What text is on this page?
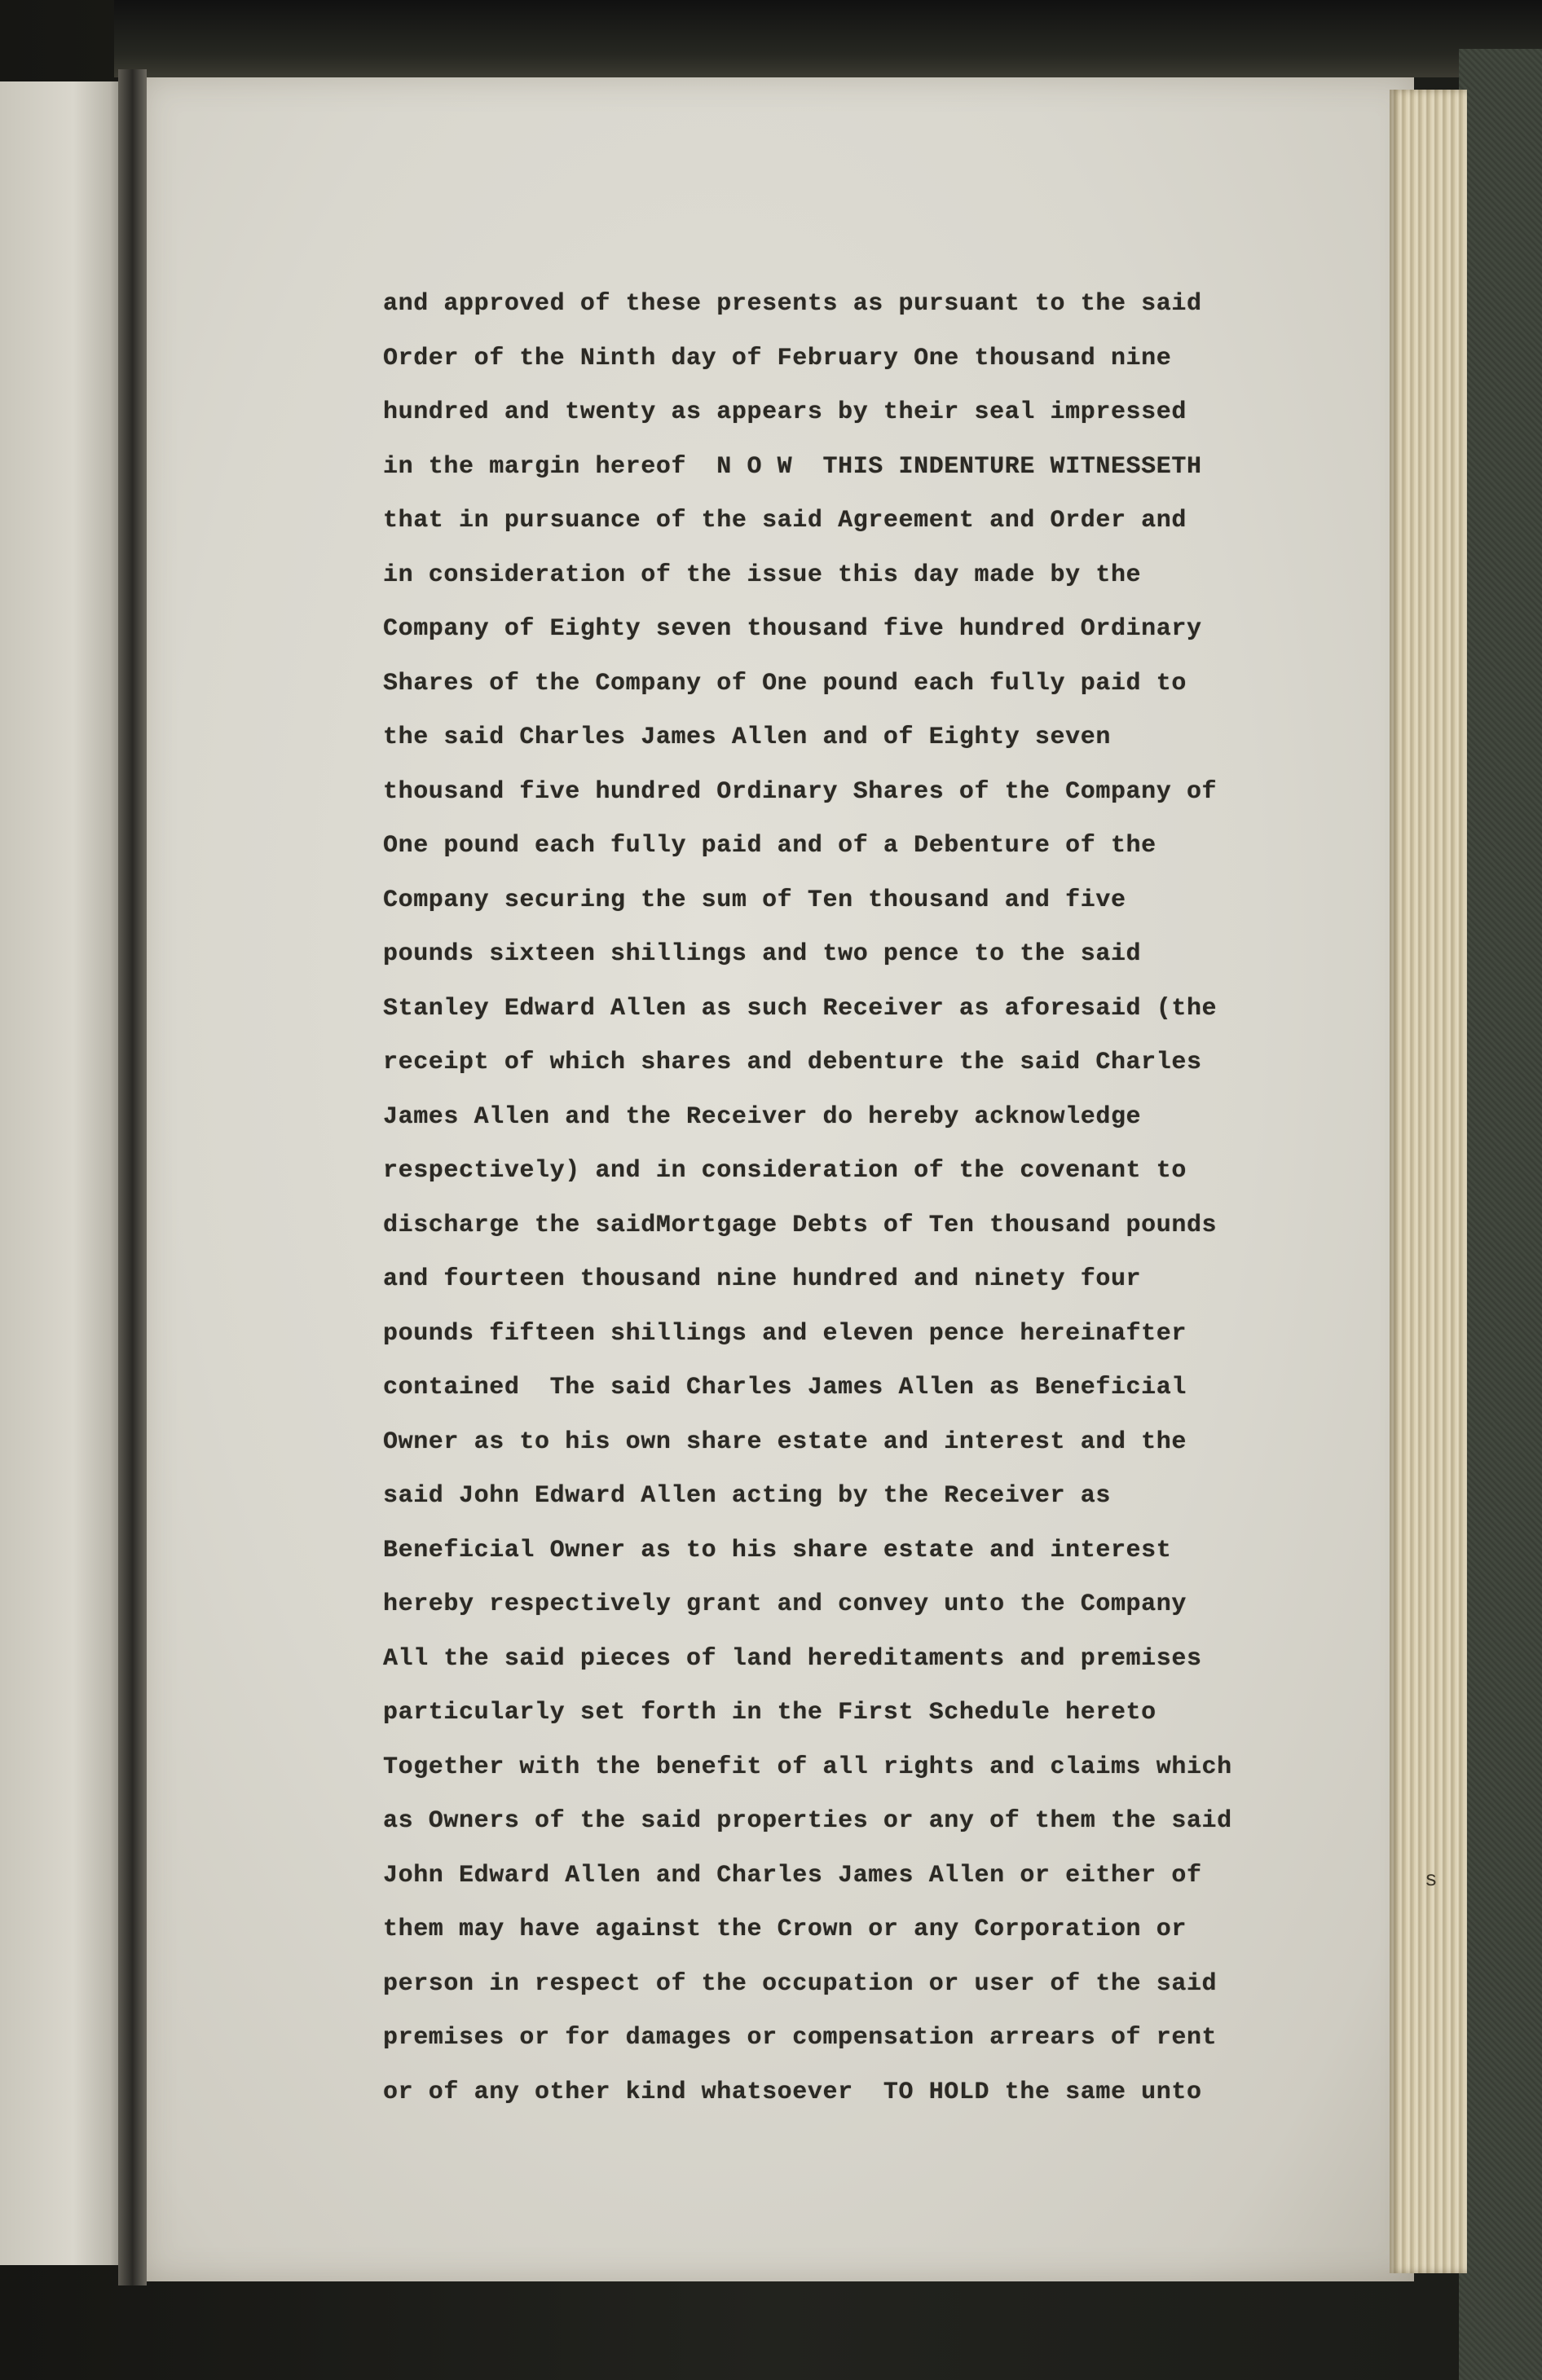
s
and approved of these presents as pursuant to the said
Order of the Ninth day of February One thousand nine
hundred and twenty as appears by their seal impressed
in the margin hereof  N O W  THIS INDENTURE WITNESSETH
that in pursuance of the said Agreement and Order and
in consideration of the issue this day made by the
Company of Eighty seven thousand five hundred Ordinary
Shares of the Company of One pound each fully paid to
the said Charles James Allen and of Eighty seven
thousand five hundred Ordinary Shares of the Company of
One pound each fully paid and of a Debenture of the
Company securing the sum of Ten thousand and five
pounds sixteen shillings and two pence to the said
Stanley Edward Allen as such Receiver as aforesaid (the
receipt of which shares and debenture the said Charles
James Allen and the Receiver do hereby acknowledge
respectively) and in consideration of the covenant to
discharge the saidMortgage Debts of Ten thousand pounds
and fourteen thousand nine hundred and ninety four
pounds fifteen shillings and eleven pence hereinafter
contained  The said Charles James Allen as Beneficial
Owner as to his own share estate and interest and the
said John Edward Allen acting by the Receiver as
Beneficial Owner as to his share estate and interest
hereby respectively grant and convey unto the Company
All the said pieces of land hereditaments and premises
particularly set forth in the First Schedule hereto
Together with the benefit of all rights and claims which
as Owners of the said properties or any of them the said
John Edward Allen and Charles James Allen or either of
them may have against the Crown or any Corporation or
person in respect of the occupation or user of the said
premises or for damages or compensation arrears of rent
or of any other kind whatsoever  TO HOLD the same unto
